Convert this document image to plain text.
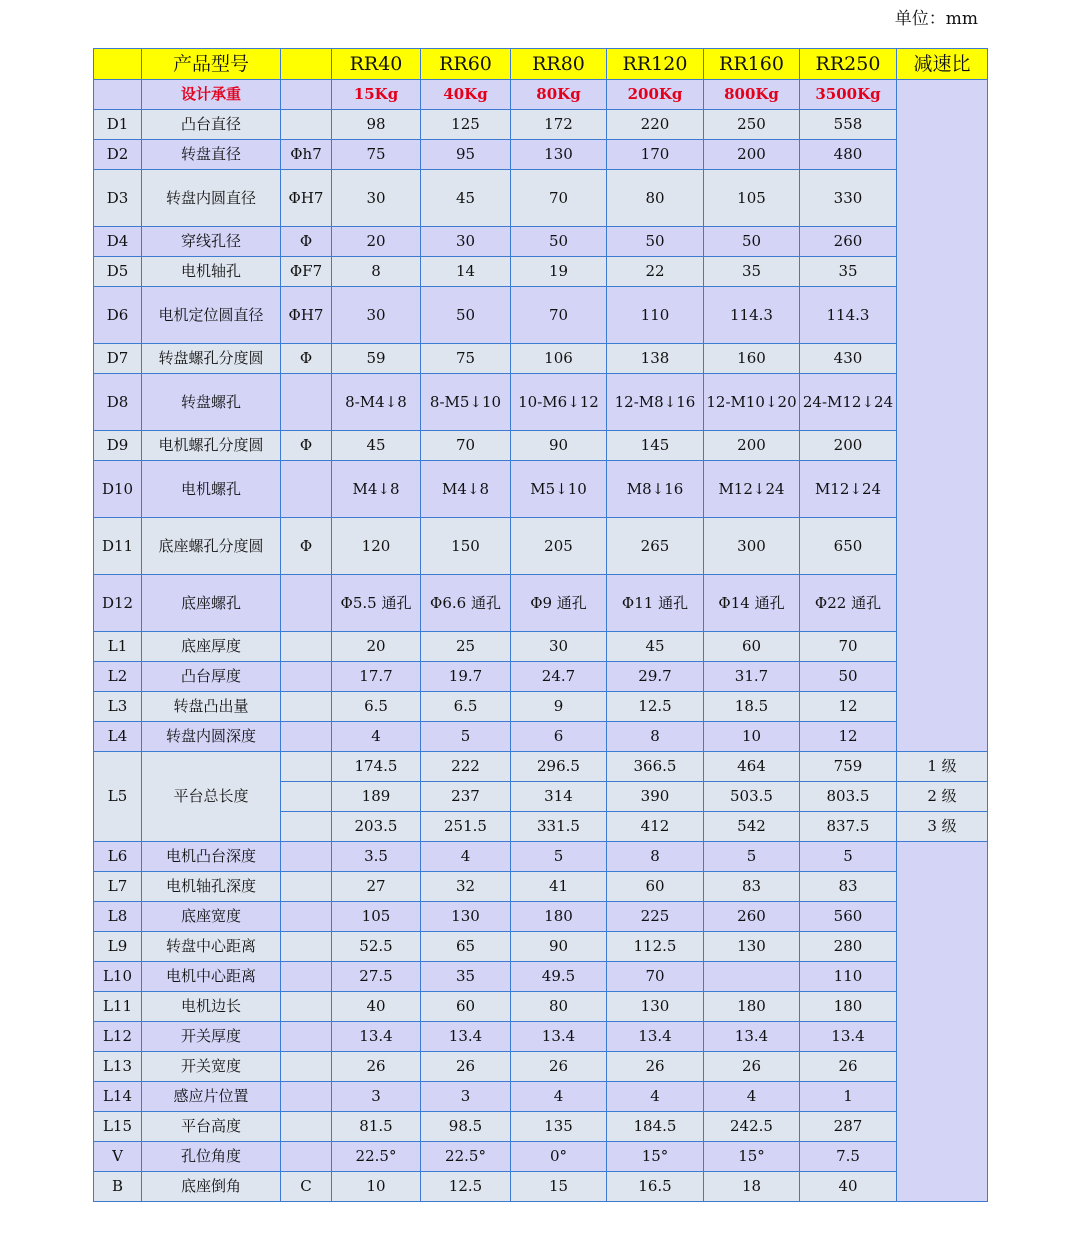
单位：mm
	产品型号		RR40	RR60	RR80	RR120	RR160	RR250	减速比
	设计承重		15Kg	40Kg	80Kg	200Kg	800Kg	3500Kg	
D1	凸台直径		98	125	172	220	250	558	
D2	转盘直径	Φh7	75	95	130	170	200	480	
D3	转盘内圆直径	ΦH7	30	45	70	80	105	330	
D4	穿线孔径	Φ	20	30	50	50	50	260	
D5	电机轴孔	ΦF7	8	14	19	22	35	35	
D6	电机定位圆直径	ΦH7	30	50	70	110	114.3	114.3	
D7	转盘螺孔分度圆	Φ	59	75	106	138	160	430	
D8	转盘螺孔		8-M4↓8	8-M5↓10	10-M6↓12	12-M8↓16	12-M10↓20	24-M12↓24	
D9	电机螺孔分度圆	Φ	45	70	90	145	200	200	
D10	电机螺孔		M4↓8	M4↓8	M5↓10	M8↓16	M12↓24	M12↓24	
D11	底座螺孔分度圆	Φ	120	150	205	265	300	650	
D12	底座螺孔		Φ5.5 通孔	Φ6.6 通孔	Φ9 通孔	Φ11 通孔	Φ14 通孔	Φ22 通孔	
L1	底座厚度		20	25	30	45	60	70	
L2	凸台厚度		17.7	19.7	24.7	29.7	31.7	50	
L3	转盘凸出量		6.5	6.5	9	12.5	18.5	12	
L4	转盘内圆深度		4	5	6	8	10	12	
L5	平台总长度		174.5	222	296.5	366.5	464	759	1 级
			189	237	314	390	503.5	803.5	2 级
			203.5	251.5	331.5	412	542	837.5	3 级
L6	电机凸台深度		3.5	4	5	8	5	5	
L7	电机轴孔深度		27	32	41	60	83	83	
L8	底座宽度		105	130	180	225	260	560	
L9	转盘中心距离		52.5	65	90	112.5	130	280	
L10	电机中心距离		27.5	35	49.5	70		110	
L11	电机边长		40	60	80	130	180	180	
L12	开关厚度		13.4	13.4	13.4	13.4	13.4	13.4	
L13	开关宽度		26	26	26	26	26	26	
L14	感应片位置		3	3	4	4	4	1	
L15	平台高度		81.5	98.5	135	184.5	242.5	287	
V	孔位角度		22.5°	22.5°	0°	15°	15°	7.5	
B	底座倒角	C	10	12.5	15	16.5	18	40	
